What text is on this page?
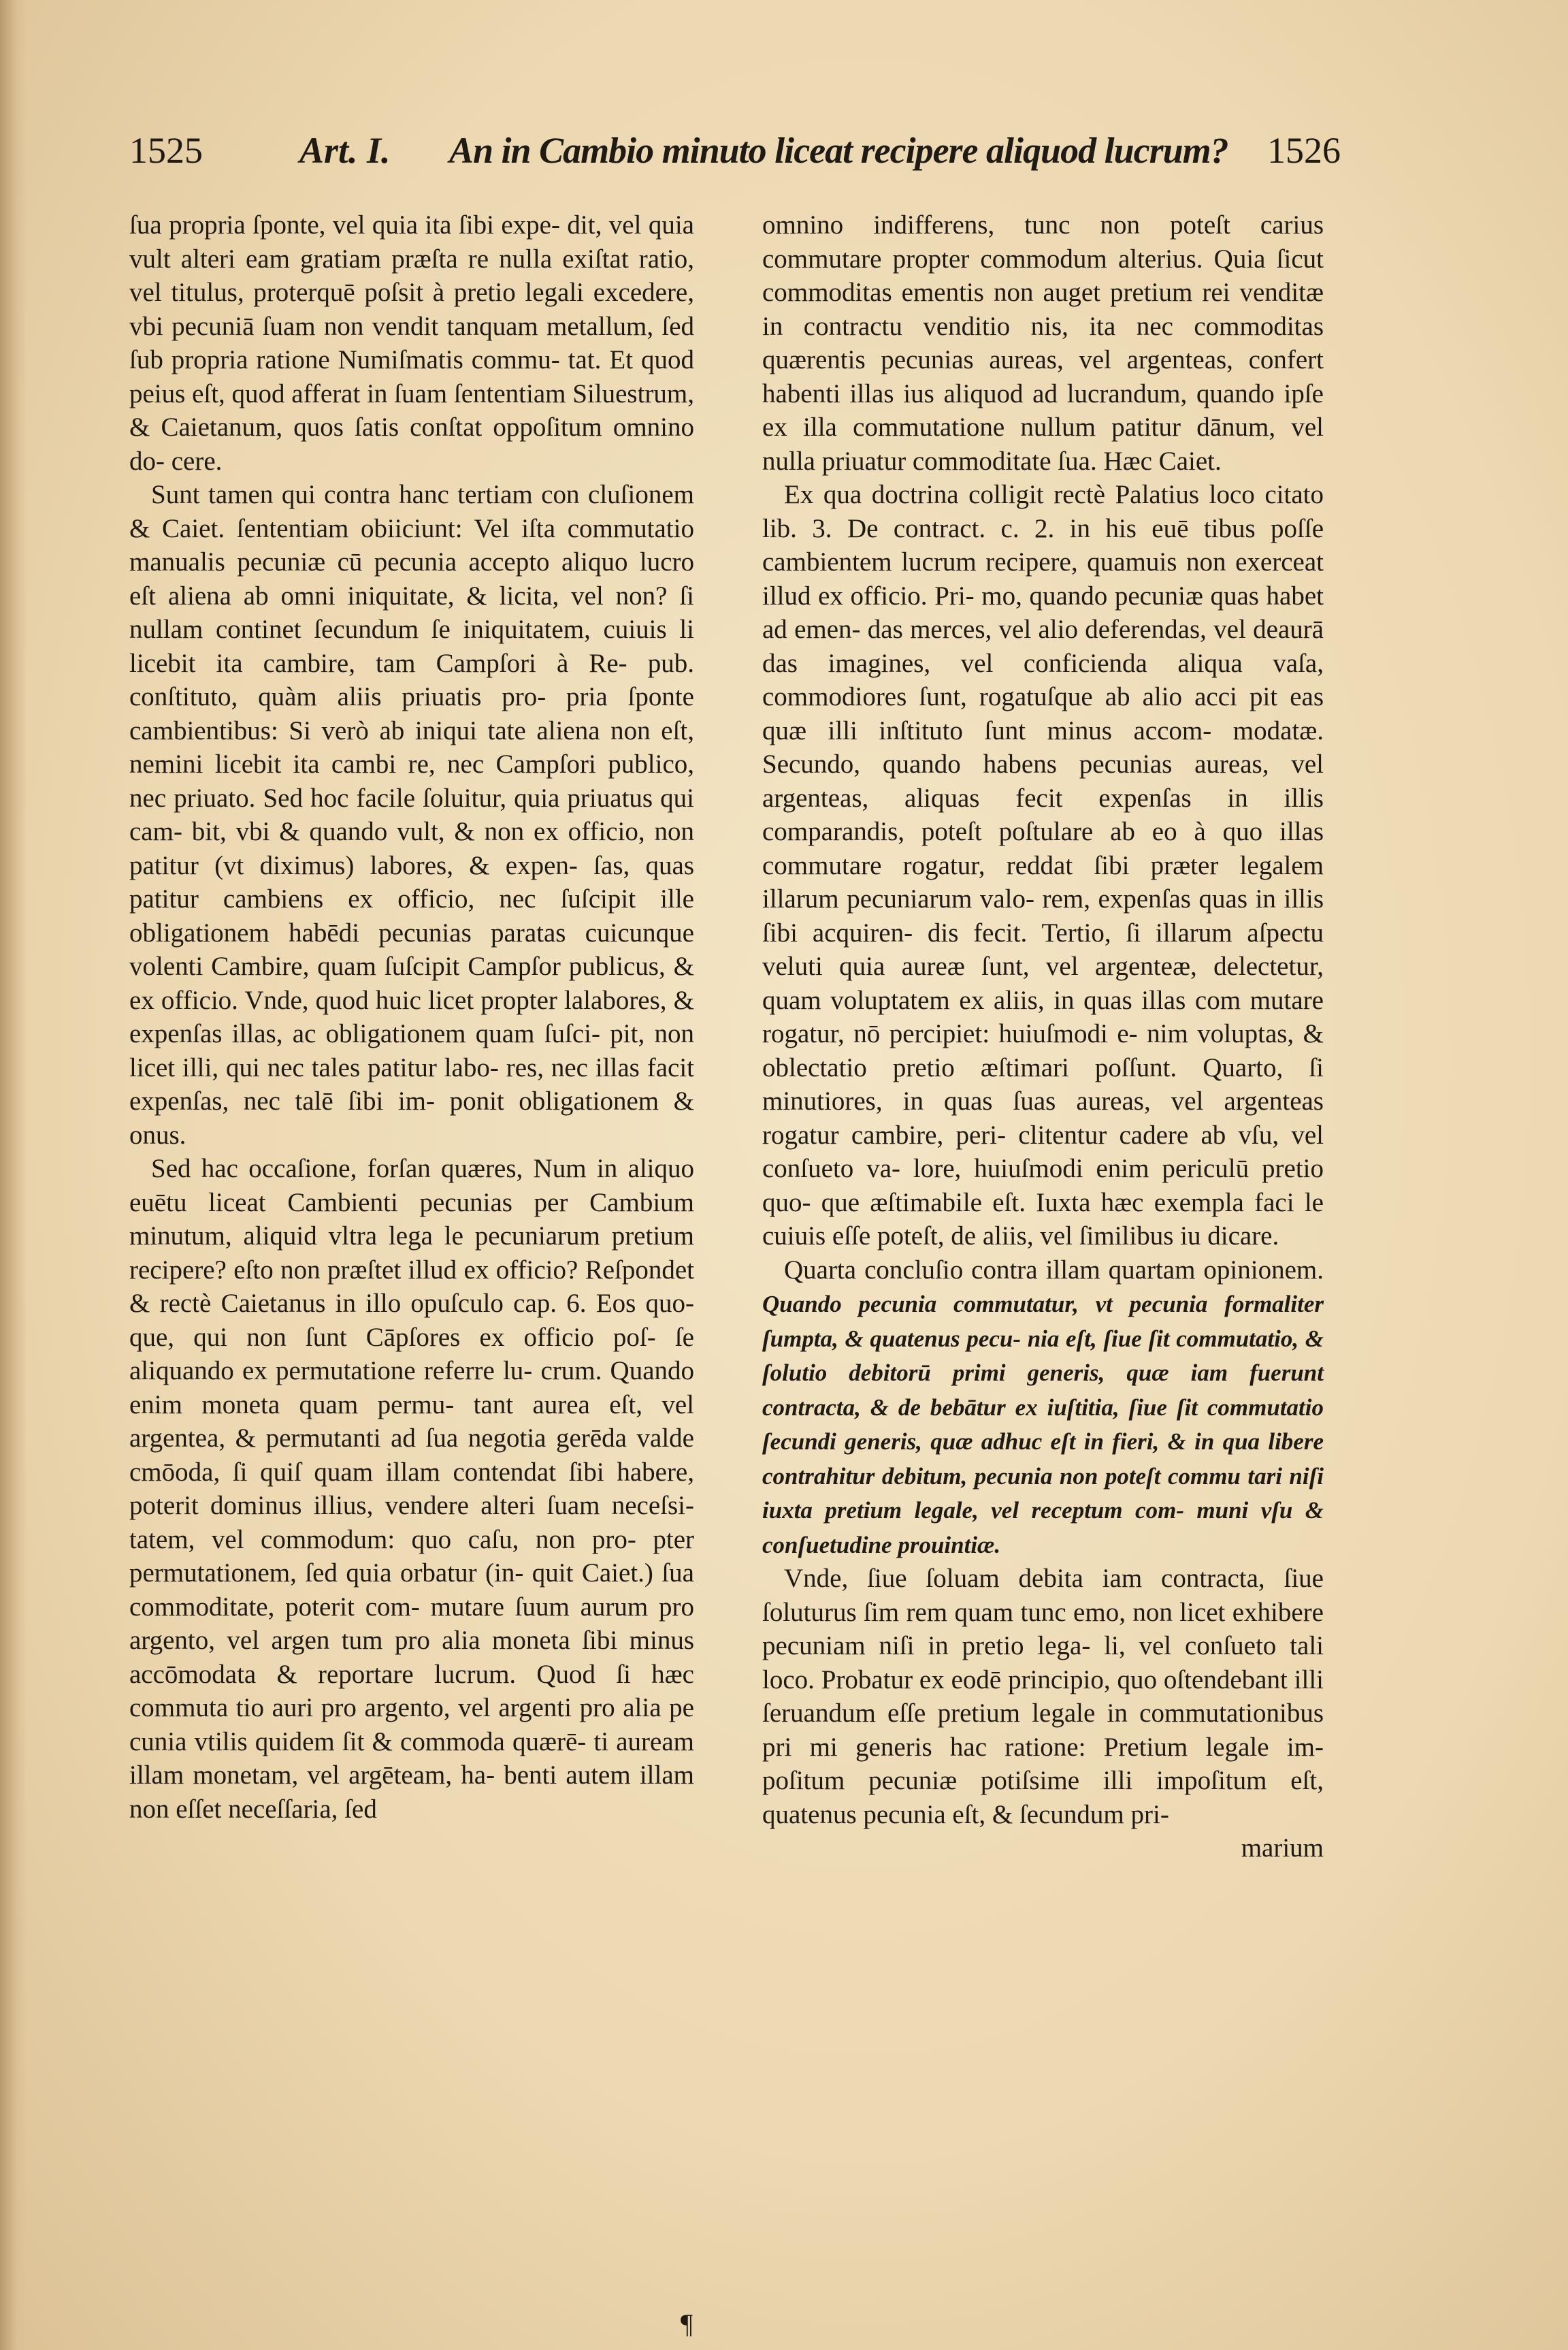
1525	Art. I. An in Cambio minuto liceat recipere aliquod lucrum? 1526

ſua propria ſponte, vel quia ita ſibi expe- dit, vel quia vult alteri eam gratiam præſta re nulla exiſtat ratio, vel titulus, proterquē poſsit à pretio legali excedere, vbi pecuniā ſuam non vendit tanquam metallum, ſed ſub propria ratione Numiſmatis commu- tat. Et quod peius eſt, quod afferat in ſuam ſententiam Siluestrum, & Caietanum, quos ſatis conſtat oppoſitum omnino do- cere.

Sunt tamen qui contra hanc tertiam con cluſionem & Caiet. ſententiam obiiciunt: Vel iſta commutatio manualis pecuniæ cū pecunia accepto aliquo lucro eſt aliena ab omni iniquitate, & licita, vel non? ſi nullam continet ſecundum ſe iniquitatem, cuiuis li licebit ita cambire, tam Campſori à Re- pub. conſtituto, quàm aliis priuatis pro- pria ſponte cambientibus: Si verò ab iniqui tate aliena non eſt, nemini licebit ita cambi re, nec Campſori publico, nec priuato. Sed hoc facile ſoluitur, quia priuatus qui cam- bit, vbi & quando vult, & non ex officio, non patitur (vt diximus) labores, & expen- ſas, quas patitur cambiens ex officio, nec ſuſcipit ille obligationem habēdi pecunias paratas cuicunque volenti Cambire, quam ſuſcipit Campſor publicus, & ex officio. Vnde, quod huic licet propter lalabores, & expenſas illas, ac obligationem quam ſuſci- pit, non licet illi, qui nec tales patitur labo- res, nec illas facit expenſas, nec talē ſibi im- ponit obligationem & onus.

Sed hac occaſione, forſan quæres, Num in aliquo euētu liceat Cambienti pecunias per Cambium minutum, aliquid vltra lega le pecuniarum pretium recipere? eſto non præſtet illud ex officio? Reſpondet & rectè Caietanus in illo opuſculo cap. 6. Eos quo- que, qui non ſunt Cāpſores ex officio poſ- ſe aliquando ex permutatione referre lu- crum. Quando enim moneta quam permu- tant aurea eſt, vel argentea, & permutanti ad ſua negotia gerēda valde cmōoda, ſi quiſ quam illam contendat ſibi habere, poterit dominus illius, vendere alteri ſuam neceſsi- tatem, vel commodum: quo caſu, non pro- pter permutationem, ſed quia orbatur (in- quit Caiet.) ſua commoditate, poterit com- mutare ſuum aurum pro argento, vel argen tum pro alia moneta ſibi minus accōmodata & reportare lucrum. Quod ſi hæc commuta tio auri pro argento, vel argenti pro alia pe cunia vtilis quidem ſit & commoda quærē- ti auream illam monetam, vel argēteam, ha- benti autem illam non eſſet neceſſaria, ſed

omnino indifferens, tunc non poteſt carius commutare propter commodum alterius. Quia ſicut commoditas ementis non auget pretium rei venditæ in contractu venditio nis, ita nec commoditas quærentis pecunias aureas, vel argenteas, confert habenti illas ius aliquod ad lucrandum, quando ipſe ex illa commutatione nullum patitur dānum, vel nulla priuatur commoditate ſua. Hæc Caiet.

Ex qua doctrina colligit rectè Palatius loco citato lib. 3. De contract. c. 2. in his euē tibus poſſe cambientem lucrum recipere, quamuis non exerceat illud ex officio. Pri- mo, quando pecuniæ quas habet ad emen- das merces, vel alio deferendas, vel deaurā das imagines, vel conficienda aliqua vaſa, commodiores ſunt, rogatuſque ab alio acci pit eas quæ illi inſtituto ſunt minus accom- modatæ. Secundo, quando habens pecunias aureas, vel argenteas, aliquas fecit expenſas in illis comparandis, poteſt poſtulare ab eo à quo illas commutare rogatur, reddat ſibi præter legalem illarum pecuniarum valo- rem, expenſas quas in illis ſibi acquiren- dis fecit. Tertio, ſi illarum aſpectu veluti quia aureæ ſunt, vel argenteæ, delectetur, quam voluptatem ex aliis, in quas illas com mutare rogatur, nō percipiet: huiuſmodi e- nim voluptas, & oblectatio pretio æſtimari poſſunt. Quarto, ſi minutiores, in quas ſuas aureas, vel argenteas rogatur cambire, peri- clitentur cadere ab vſu, vel conſueto va- lore, huiuſmodi enim periculū pretio quo- que æſtimabile eſt. Iuxta hæc exempla faci le cuiuis eſſe poteſt, de aliis, vel ſimilibus iu dicare.

Quarta concluſio contra illam quartam opinionem. Quando pecunia commutatur, vt pecunia formaliter ſumpta, & quatenus pecu- nia eſt, ſiue ſit commutatio, & ſolutio debitorū primi generis, quæ iam fuerunt contracta, & de bebātur ex iuſtitia, ſiue ſit commutatio ſecundi generis, quæ adhuc eſt in fieri, & in qua libere contrahitur debitum, pecunia non poteſt commu tari niſi iuxta pretium legale, vel receptum com- muni vſu & conſuetudine prouintiæ.

Vnde, ſiue ſoluam debita iam contracta, ſiue ſoluturus ſim rem quam tunc emo, non licet exhibere pecuniam niſi in pretio lega- li, vel conſueto tali loco. Probatur ex eodē principio, quo oſtendebant illi ſeruandum eſſe pretium legale in commutationibus pri mi generis hac ratione: Pretium legale im- poſitum pecuniæ potiſsime illi impoſitum eſt, quatenus pecunia eſt, & ſecundum pri-

marium

¶
